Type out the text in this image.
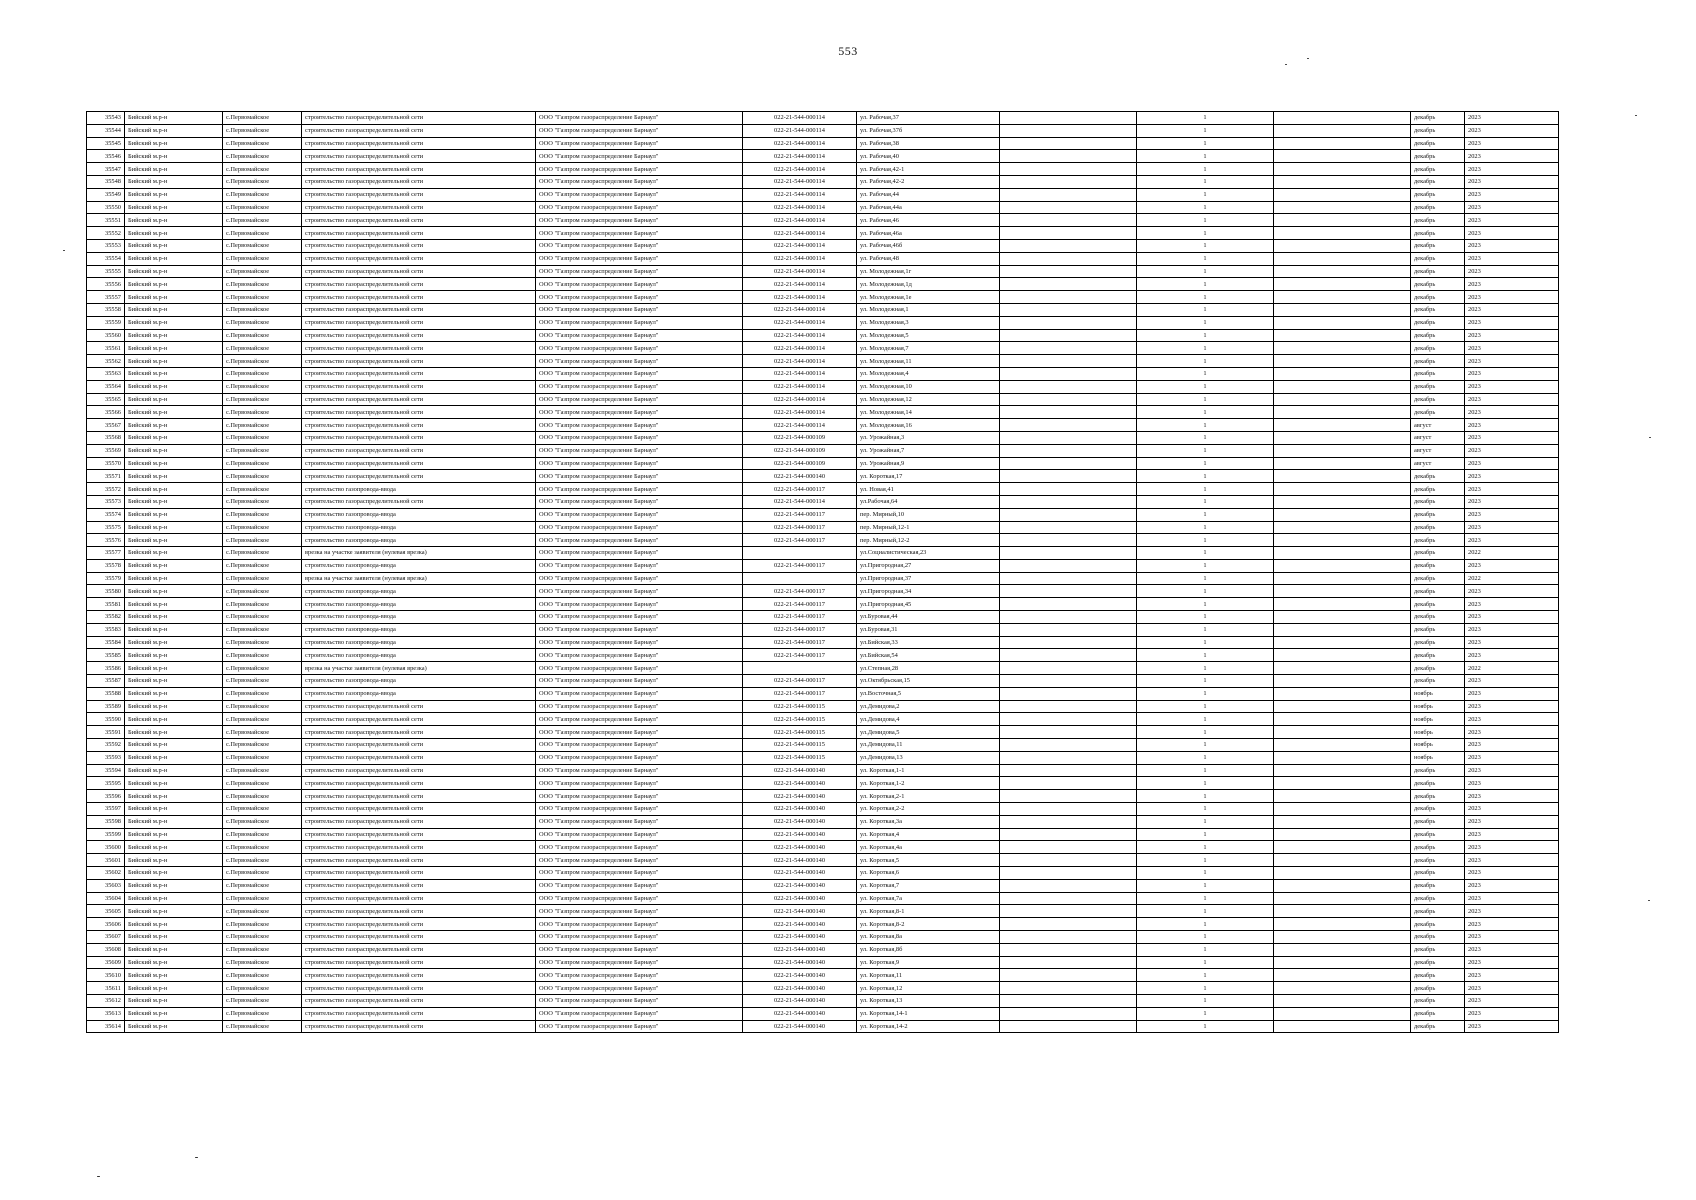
553
35543	Бийский м.р-н	с.Первомайское	строительство газораспределительной сети	ООО "Газпром газораспределение Барнаул"	022-21-544-000114	ул. Рабочая,37		1		декабрь	2023
35544	Бийский м.р-н	с.Первомайское	строительство газораспределительной сети	ООО "Газпром газораспределение Барнаул"	022-21-544-000114	ул. Рабочая,37б		1		декабрь	2023
35545	Бийский м.р-н	с.Первомайское	строительство газораспределительной сети	ООО "Газпром газораспределение Барнаул"	022-21-544-000114	ул. Рабочая,38		1		декабрь	2023
35546	Бийский м.р-н	с.Первомайское	строительство газораспределительной сети	ООО "Газпром газораспределение Барнаул"	022-21-544-000114	ул. Рабочая,40		1		декабрь	2023
35547	Бийский м.р-н	с.Первомайское	строительство газораспределительной сети	ООО "Газпром газораспределение Барнаул"	022-21-544-000114	ул. Рабочая,42-1		1		декабрь	2023
35548	Бийский м.р-н	с.Первомайское	строительство газораспределительной сети	ООО "Газпром газораспределение Барнаул"	022-21-544-000114	ул. Рабочая,42-2		1		декабрь	2023
35549	Бийский м.р-н	с.Первомайское	строительство газораспределительной сети	ООО "Газпром газораспределение Барнаул"	022-21-544-000114	ул. Рабочая,44		1		декабрь	2023
35550	Бийский м.р-н	с.Первомайское	строительство газораспределительной сети	ООО "Газпром газораспределение Барнаул"	022-21-544-000114	ул. Рабочая,44а		1		декабрь	2023
35551	Бийский м.р-н	с.Первомайское	строительство газораспределительной сети	ООО "Газпром газораспределение Барнаул"	022-21-544-000114	ул. Рабочая,46		1		декабрь	2023
35552	Бийский м.р-н	с.Первомайское	строительство газораспределительной сети	ООО "Газпром газораспределение Барнаул"	022-21-544-000114	ул. Рабочая,46а		1		декабрь	2023
35553	Бийский м.р-н	с.Первомайское	строительство газораспределительной сети	ООО "Газпром газораспределение Барнаул"	022-21-544-000114	ул. Рабочая,46б		1		декабрь	2023
35554	Бийский м.р-н	с.Первомайское	строительство газораспределительной сети	ООО "Газпром газораспределение Барнаул"	022-21-544-000114	ул. Рабочая,48		1		декабрь	2023
35555	Бийский м.р-н	с.Первомайское	строительство газораспределительной сети	ООО "Газпром газораспределение Барнаул"	022-21-544-000114	ул. Молодежная,1г		1		декабрь	2023
35556	Бийский м.р-н	с.Первомайское	строительство газораспределительной сети	ООО "Газпром газораспределение Барнаул"	022-21-544-000114	ул. Молодежная,1д		1		декабрь	2023
35557	Бийский м.р-н	с.Первомайское	строительство газораспределительной сети	ООО "Газпром газораспределение Барнаул"	022-21-544-000114	ул. Молодежная,1е		1		декабрь	2023
35558	Бийский м.р-н	с.Первомайское	строительство газораспределительной сети	ООО "Газпром газораспределение Барнаул"	022-21-544-000114	ул. Молодежная,1		1		декабрь	2023
35559	Бийский м.р-н	с.Первомайское	строительство газораспределительной сети	ООО "Газпром газораспределение Барнаул"	022-21-544-000114	ул. Молодежная,3		1		декабрь	2023
35560	Бийский м.р-н	с.Первомайское	строительство газораспределительной сети	ООО "Газпром газораспределение Барнаул"	022-21-544-000114	ул. Молодежная,5		1		декабрь	2023
35561	Бийский м.р-н	с.Первомайское	строительство газораспределительной сети	ООО "Газпром газораспределение Барнаул"	022-21-544-000114	ул. Молодежная,7		1		декабрь	2023
35562	Бийский м.р-н	с.Первомайское	строительство газораспределительной сети	ООО "Газпром газораспределение Барнаул"	022-21-544-000114	ул. Молодежная,11		1		декабрь	2023
35563	Бийский м.р-н	с.Первомайское	строительство газораспределительной сети	ООО "Газпром газораспределение Барнаул"	022-21-544-000114	ул. Молодежная,4		1		декабрь	2023
35564	Бийский м.р-н	с.Первомайское	строительство газораспределительной сети	ООО "Газпром газораспределение Барнаул"	022-21-544-000114	ул. Молодежная,10		1		декабрь	2023
35565	Бийский м.р-н	с.Первомайское	строительство газораспределительной сети	ООО "Газпром газораспределение Барнаул"	022-21-544-000114	ул. Молодежная,12		1		декабрь	2023
35566	Бийский м.р-н	с.Первомайское	строительство газораспределительной сети	ООО "Газпром газораспределение Барнаул"	022-21-544-000114	ул. Молодежная,14		1		декабрь	2023
35567	Бийский м.р-н	с.Первомайское	строительство газораспределительной сети	ООО "Газпром газораспределение Барнаул"	022-21-544-000114	ул. Молодежная,16		1		август	2023
35568	Бийский м.р-н	с.Первомайское	строительство газораспределительной сети	ООО "Газпром газораспределение Барнаул"	022-21-544-000109	ул. Урожайная,3		1		август	2023
35569	Бийский м.р-н	с.Первомайское	строительство газораспределительной сети	ООО "Газпром газораспределение Барнаул"	022-21-544-000109	ул. Урожайная,7		1		август	2023
35570	Бийский м.р-н	с.Первомайское	строительство газораспределительной сети	ООО "Газпром газораспределение Барнаул"	022-21-544-000109	ул. Урожайная,9		1		август	2023
35571	Бийский м.р-н	с.Первомайское	строительство газораспределительной сети	ООО "Газпром газораспределение Барнаул"	022-21-544-000140	ул. Короткая,17		1		декабрь	2023
35572	Бийский м.р-н	с.Первомайское	строительство газопровода-ввода	ООО "Газпром газораспределение Барнаул"	022-21-544-000117	ул. Новая,41		1		декабрь	2023
35573	Бийский м.р-н	с.Первомайское	строительство газораспределительной сети	ООО "Газпром газораспределение Барнаул"	022-21-544-000114	ул.Рабочая,64		1		декабрь	2023
35574	Бийский м.р-н	с.Первомайское	строительство газопровода-ввода	ООО "Газпром газораспределение Барнаул"	022-21-544-000117	пер. Мирный,10		1		декабрь	2023
35575	Бийский м.р-н	с.Первомайское	строительство газопровода-ввода	ООО "Газпром газораспределение Барнаул"	022-21-544-000117	пер. Мирный,12-1		1		декабрь	2023
35576	Бийский м.р-н	с.Первомайское	строительство газопровода-ввода	ООО "Газпром газораспределение Барнаул"	022-21-544-000117	пер. Мирный,12-2		1		декабрь	2023
35577	Бийский м.р-н	с.Первомайское	врезка на участке заявителя (нулевая врезка)	ООО "Газпром газораспределение Барнаул"		ул.Социалистическая,23		1		декабрь	2022
35578	Бийский м.р-н	с.Первомайское	строительство газопровода-ввода	ООО "Газпром газораспределение Барнаул"	022-21-544-000117	ул.Пригородная,27		1		декабрь	2023
35579	Бийский м.р-н	с.Первомайское	врезка на участке заявителя (нулевая врезка)	ООО "Газпром газораспределение Барнаул"		ул.Пригородная,37		1		декабрь	2022
35580	Бийский м.р-н	с.Первомайское	строительство газопровода-ввода	ООО "Газпром газораспределение Барнаул"	022-21-544-000117	ул.Пригородная,34		1		декабрь	2023
35581	Бийский м.р-н	с.Первомайское	строительство газопровода-ввода	ООО "Газпром газораспределение Барнаул"	022-21-544-000117	ул.Пригородная,45		1		декабрь	2023
35582	Бийский м.р-н	с.Первомайское	строительство газопровода-ввода	ООО "Газпром газораспределение Барнаул"	022-21-544-000117	ул.Буровая,44		1		декабрь	2023
35583	Бийский м.р-н	с.Первомайское	строительство газопровода-ввода	ООО "Газпром газораспределение Барнаул"	022-21-544-000117	ул.Буровая,31		1		декабрь	2023
35584	Бийский м.р-н	с.Первомайское	строительство газопровода-ввода	ООО "Газпром газораспределение Барнаул"	022-21-544-000117	ул.Бийская,33		1		декабрь	2023
35585	Бийский м.р-н	с.Первомайское	строительство газопровода-ввода	ООО "Газпром газораспределение Барнаул"	022-21-544-000117	ул.Бийская,54		1		декабрь	2023
35586	Бийский м.р-н	с.Первомайское	врезка на участке заявителя (нулевая врезка)	ООО "Газпром газораспределение Барнаул"		ул.Степная,28		1		декабрь	2022
35587	Бийский м.р-н	с.Первомайское	строительство газопровода-ввода	ООО "Газпром газораспределение Барнаул"	022-21-544-000117	ул.Октябрьская,15		1		декабрь	2023
35588	Бийский м.р-н	с.Первомайское	строительство газопровода-ввода	ООО "Газпром газораспределение Барнаул"	022-21-544-000117	ул.Восточная,5		1		ноябрь	2023
35589	Бийский м.р-н	с.Первомайское	строительство газораспределительной сети	ООО "Газпром газораспределение Барнаул"	022-21-544-000115	ул.Демидова,2		1		ноябрь	2023
35590	Бийский м.р-н	с.Первомайское	строительство газораспределительной сети	ООО "Газпром газораспределение Барнаул"	022-21-544-000115	ул.Демидова,4		1		ноябрь	2023
35591	Бийский м.р-н	с.Первомайское	строительство газораспределительной сети	ООО "Газпром газораспределение Барнаул"	022-21-544-000115	ул.Демидова,5		1		ноябрь	2023
35592	Бийский м.р-н	с.Первомайское	строительство газораспределительной сети	ООО "Газпром газораспределение Барнаул"	022-21-544-000115	ул.Демидова,11		1		ноябрь	2023
35593	Бийский м.р-н	с.Первомайское	строительство газораспределительной сети	ООО "Газпром газораспределение Барнаул"	022-21-544-000115	ул.Демидова,13		1		ноябрь	2023
35594	Бийский м.р-н	с.Первомайское	строительство газораспределительной сети	ООО "Газпром газораспределение Барнаул"	022-21-544-000140	ул. Короткая,1-1		1		декабрь	2023
35595	Бийский м.р-н	с.Первомайское	строительство газораспределительной сети	ООО "Газпром газораспределение Барнаул"	022-21-544-000140	ул. Короткая,1-2		1		декабрь	2023
35596	Бийский м.р-н	с.Первомайское	строительство газораспределительной сети	ООО "Газпром газораспределение Барнаул"	022-21-544-000140	ул. Короткая,2-1		1		декабрь	2023
35597	Бийский м.р-н	с.Первомайское	строительство газораспределительной сети	ООО "Газпром газораспределение Барнаул"	022-21-544-000140	ул. Короткая,2-2		1		декабрь	2023
35598	Бийский м.р-н	с.Первомайское	строительство газораспределительной сети	ООО "Газпром газораспределение Барнаул"	022-21-544-000140	ул. Короткая,3а		1		декабрь	2023
35599	Бийский м.р-н	с.Первомайское	строительство газораспределительной сети	ООО "Газпром газораспределение Барнаул"	022-21-544-000140	ул. Короткая,4		1		декабрь	2023
35600	Бийский м.р-н	с.Первомайское	строительство газораспределительной сети	ООО "Газпром газораспределение Барнаул"	022-21-544-000140	ул. Короткая,4а		1		декабрь	2023
35601	Бийский м.р-н	с.Первомайское	строительство газораспределительной сети	ООО "Газпром газораспределение Барнаул"	022-21-544-000140	ул. Короткая,5		1		декабрь	2023
35602	Бийский м.р-н	с.Первомайское	строительство газораспределительной сети	ООО "Газпром газораспределение Барнаул"	022-21-544-000140	ул. Короткая,6		1		декабрь	2023
35603	Бийский м.р-н	с.Первомайское	строительство газораспределительной сети	ООО "Газпром газораспределение Барнаул"	022-21-544-000140	ул. Короткая,7		1		декабрь	2023
35604	Бийский м.р-н	с.Первомайское	строительство газораспределительной сети	ООО "Газпром газораспределение Барнаул"	022-21-544-000140	ул. Короткая,7а		1		декабрь	2023
35605	Бийский м.р-н	с.Первомайское	строительство газораспределительной сети	ООО "Газпром газораспределение Барнаул"	022-21-544-000140	ул. Короткая,8-1		1		декабрь	2023
35606	Бийский м.р-н	с.Первомайское	строительство газораспределительной сети	ООО "Газпром газораспределение Барнаул"	022-21-544-000140	ул. Короткая,8-2		1		декабрь	2023
35607	Бийский м.р-н	с.Первомайское	строительство газораспределительной сети	ООО "Газпром газораспределение Барнаул"	022-21-544-000140	ул. Короткая,8а		1		декабрь	2023
35608	Бийский м.р-н	с.Первомайское	строительство газораспределительной сети	ООО "Газпром газораспределение Барнаул"	022-21-544-000140	ул. Короткая,8б		1		декабрь	2023
35609	Бийский м.р-н	с.Первомайское	строительство газораспределительной сети	ООО "Газпром газораспределение Барнаул"	022-21-544-000140	ул. Короткая,9		1		декабрь	2023
35610	Бийский м.р-н	с.Первомайское	строительство газораспределительной сети	ООО "Газпром газораспределение Барнаул"	022-21-544-000140	ул. Короткая,11		1		декабрь	2023
35611	Бийский м.р-н	с.Первомайское	строительство газораспределительной сети	ООО "Газпром газораспределение Барнаул"	022-21-544-000140	ул. Короткая,12		1		декабрь	2023
35612	Бийский м.р-н	с.Первомайское	строительство газораспределительной сети	ООО "Газпром газораспределение Барнаул"	022-21-544-000140	ул. Короткая,13		1		декабрь	2023
35613	Бийский м.р-н	с.Первомайское	строительство газораспределительной сети	ООО "Газпром газораспределение Барнаул"	022-21-544-000140	ул. Короткая,14-1		1		декабрь	2023
35614	Бийский м.р-н	с.Первомайское	строительство газораспределительной сети	ООО "Газпром газораспределение Барнаул"	022-21-544-000140	ул. Короткая,14-2		1		декабрь	2023
